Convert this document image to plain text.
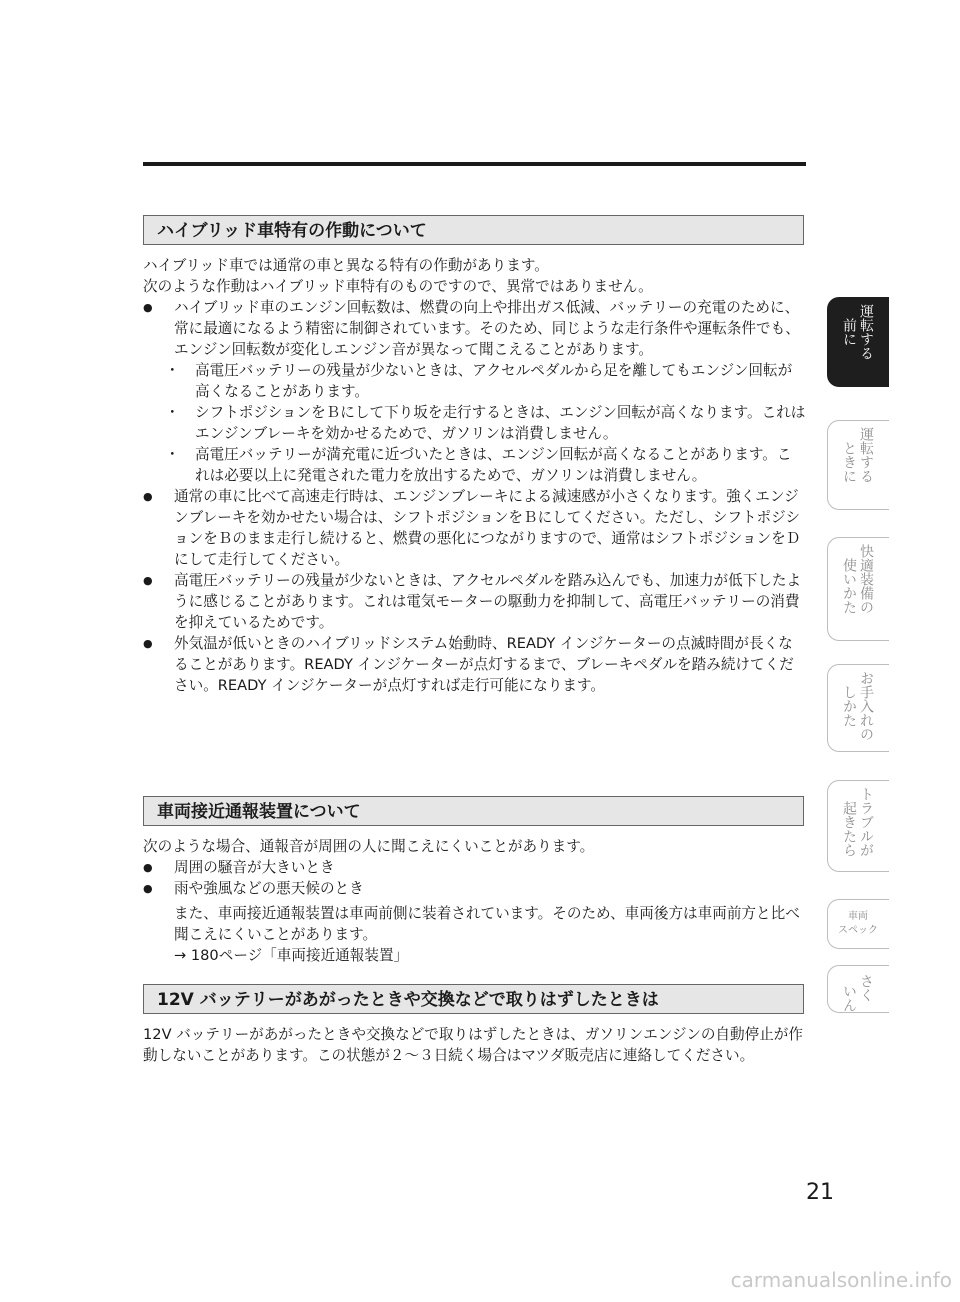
ハイブリッド車特有の作動について

ハイブリッド車では通常の車と異なる特有の作動があります。

次のような作動はハイブリッド車特有のものですので、異常ではありません。

● ハイブリッド車のエンジン回転数は、燃費の向上や排出ガス低減、バッテリーの充電のために、常に最適になるよう精密に制御されています。そのため、同じような走行条件や運転条件でも、エンジン回転数が変化しエンジン音が異なって聞こえることがあります。

・ 高電圧バッテリーの残量が少ないときは、アクセルペダルから足を離してもエンジン回転が高くなることがあります。

・ シフトポジションをＢにして下り坂を走行するときは、エンジン回転が高くなります。これはエンジンブレーキを効かせるためで、ガソリンは消費しません。

・ 高電圧バッテリーが満充電に近づいたときは、エンジン回転が高くなることがあります。これは必要以上に発電された電力を放出するためで、ガソリンは消費しません。

● 通常の車に比べて高速走行時は、エンジンブレーキによる減速感が小さくなります。強くエンジンブレーキを効かせたい場合は、シフトポジションをＢにしてください。ただし、シフトポジションをＢのまま走行し続けると、燃費の悪化につながりますので、通常はシフトポジションをＤにして走行してください。

● 高電圧バッテリーの残量が少ないときは、アクセルペダルを踏み込んでも、加速力が低下したように感じることがあります。これは電気モーターの駆動力を抑制して、高電圧バッテリーの消費を抑えているためです。

● 外気温が低いときのハイブリッドシステム始動時、READY インジケーターの点滅時間が長くなることがあります。READY インジケーターが点灯するまで、ブレーキペダルを踏み続けてください。READY インジケーターが点灯すれば走行可能になります。

車両接近通報装置について

次のような場合、通報音が周囲の人に聞こえにくいことがあります。

● 周囲の騒音が大きいとき

● 雨や強風などの悪天候のとき

また、車両接近通報装置は車両前側に装着されています。そのため、車両後方は車両前方と比べ聞こえにくいことがあります。

→ 180ページ「車両接近通報装置」

12V バッテリーがあがったときや交換などで取りはずしたときは

12V バッテリーがあがったときや交換などで取りはずしたときは、ガソリンエンジンの自動停止が作動しないことがあります。この状態が２～３日続く場合はマツダ販売店に連絡してください。

運転する
前に
運転する
ときに
快適装備の
使いかた
お手入れの
しかた
トラブルが
起きたら
車両
スペック
さく
いん
21
carmanualsonline.info
